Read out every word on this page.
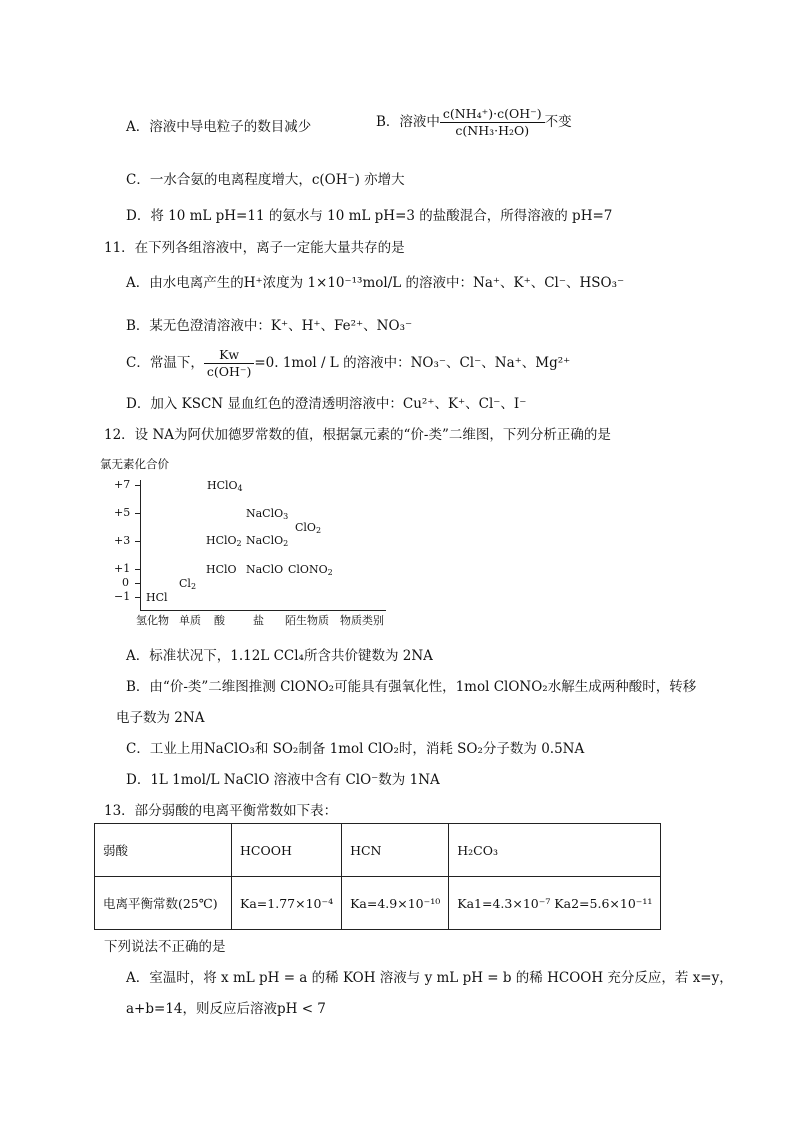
A．溶液中导电粒子的数目减少	B．溶液中 $\frac{\text{c(NH₄⁺)·c(OH⁻)}}{\text{c(NH₃·H₂O)}}$ 不变
C．一水合氨的电离程度增大，c(OH⁻) 亦增大
D．将 10 mL pH=11 的氨水与 10 mL pH=3 的盐酸混合，所得溶液的 pH=7
11．在下列各组溶液中，离子一定能大量共存的是
A．由水电离产生的H⁺浓度为 1×10⁻¹³mol/L 的溶液中：Na⁺、K⁺、Cl⁻、HSO₃⁻
B．某无色澄清溶液中：K⁺、H⁺、Fe²⁺、NO₃⁻
C．常温下， $\frac{Kw}{c(OH^-)} =0$. 1mol / L 的溶液中：NO₃⁻、Cl⁻、Na⁺、Mg²⁺
D．加入 KSCN 显血红色的澄清透明溶液中：Cu²⁺、K⁺、Cl⁻、I⁻
12．设 NA为阿伏加德罗常数的值，根据氯元素的“价-类”二维图，下列分析正确的是
氯无素化合价
+7
+5
+3
+1
0
−1
HClO4
NaClO3
ClO2
HClO2 NaClO2
HClO NaClO ClONO2
Cl2
HCl
氢化物 单质 酸	盐 陌生物质 物质类别
A．标准状况下，1.12L CCl₄所含共价键数为 2NA
B．由“价-类”二维图推测 ClONO₂可能具有强氧化性，1mol ClONO₂水解生成两种酸时，转移
电子数为 2NA
C．工业上用NaClO₃和 SO₂制备 1mol ClO₂时，消耗 SO₂分子数为 0.5NA
D．1L 1mol/L NaClO 溶液中含有 ClO⁻数为 1NA
13．部分弱酸的电离平衡常数如下表：
弱酸	HCOOH	HCN	H₂CO₃
电离平衡常数(25℃)	Ka=1.77×10⁻⁴	Ka=4.9×10⁻¹⁰	Ka1=4.3×10⁻⁷ Ka2=5.6×10⁻¹¹
下列说法不正确的是
A．室温时，将 x mL pH = a 的稀 KOH 溶液与 y mL pH = b 的稀 HCOOH 充分反应，若 x=y，
a+b=14，则反应后溶液pH < 7
